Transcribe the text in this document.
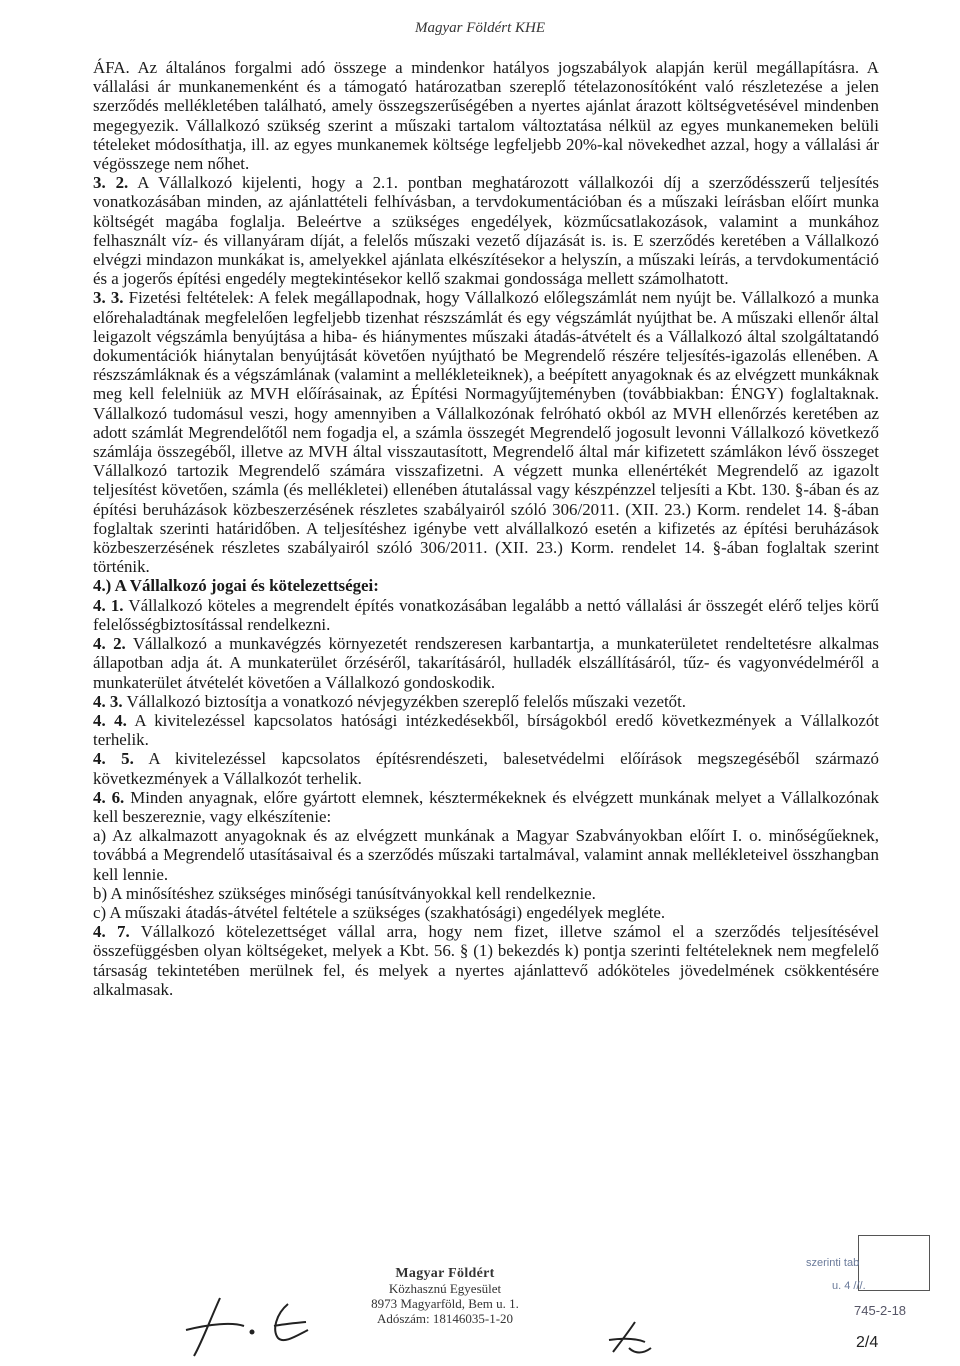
Magyar Földért KHE

ÁFA. Az általános forgalmi adó összege a mindenkor hatályos jogszabályok alapján kerül megállapításra. A vállalási ár munkanemenként és a támogató határozatban szereplő tételazonosítóként való részletezése a jelen szerződés mellékletében található, amely összegszerűségében a nyertes ajánlat árazott költségvetésével mindenben megegyezik. Vállalkozó szükség szerint a műszaki tartalom változtatása nélkül az egyes munkanemeken belüli tételeket módosíthatja, ill. az egyes munkanemek költsége legfeljebb 20%-kal növekedhet azzal, hogy a vállalási ár végösszege nem nőhet.

3. 2. A Vállalkozó kijelenti, hogy a 2.1. pontban meghatározott vállalkozói díj a szerződésszerű teljesítés vonatkozásában minden, az ajánlattételi felhívásban, a tervdokumentációban és a műszaki leírásban előírt munka költségét magába foglalja. Beleértve a szükséges engedélyek, közműcsatlakozások, valamint a munkához felhasznált víz- és villanyáram díját, a felelős műszaki vezető díjazását is. is. E szerződés keretében a Vállalkozó elvégzi mindazon munkákat is, amelyekkel ajánlata elkészítésekor a helyszín, a műszaki leírás, a tervdokumentáció és a jogerős építési engedély megtekintésekor kellő szakmai gondossága mellett számolhatott.

3. 3. Fizetési feltételek: A felek megállapodnak, hogy Vállalkozó előlegszámlát nem nyújt be. Vállalkozó a munka előrehaladtának megfelelően legfeljebb tizenhat részszámlát és egy végszámlát nyújthat be. A műszaki ellenőr által leigazolt végszámla benyújtása a hiba- és hiánymentes műszaki átadás-átvételt és a Vállalkozó által szolgáltatandó dokumentációk hiánytalan benyújtását követően nyújtható be Megrendelő részére teljesítés-igazolás ellenében. A részszámláknak és a végszámlának (valamint a mellékleteiknek), a beépített anyagoknak és az elvégzett munkáknak meg kell felelniük az MVH előírásainak, az Építési Normagyűjteményben (továbbiakban: ÉNGY) foglaltaknak. Vállalkozó tudomásul veszi, hogy amennyiben a Vállalkozónak felróható okból az MVH ellenőrzés keretében az adott számlát Megrendelőtől nem fogadja el, a számla összegét Megrendelő jogosult levonni Vállalkozó következő számlája összegéből, illetve az MVH által visszautasított, Megrendelő által már kifizetett számlákon lévő összeget Vállalkozó tartozik Megrendelő számára visszafizetni. A végzett munka ellenértékét Megrendelő az igazolt teljesítést követően, számla (és mellékletei) ellenében átutalással vagy készpénzzel teljesíti a Kbt. 130. §-ában és az építési beruházások közbeszerzésének részletes szabályairól szóló 306/2011. (XII. 23.) Korm. rendelet 14. §-ában foglaltak szerinti határidőben. A teljesítéshez igénybe vett alvállalkozó esetén a kifizetés az építési beruházások közbeszerzésének részletes szabályairól szóló 306/2011. (XII. 23.) Korm. rendelet 14. §-ában foglaltak szerint történik.

4.) A Vállalkozó jogai és kötelezettségei:

4. 1. Vállalkozó köteles a megrendelt építés vonatkozásában legalább a nettó vállalási ár összegét elérő teljes körű felelősségbiztosítással rendelkezni.

4. 2. Vállalkozó a munkavégzés környezetét rendszeresen karbantartja, a munkaterületet rendeltetésre alkalmas állapotban adja át. A munkaterület őrzéséről, takarításáról, hulladék elszállításáról, tűz- és vagyonvédelméről a munkaterület átvételét követően a Vállalkozó gondoskodik.

4. 3. Vállalkozó biztosítja a vonatkozó névjegyzékben szereplő felelős műszaki vezetőt.

4. 4. A kivitelezéssel kapcsolatos hatósági intézkedésekből, bírságokból eredő következmények a Vállalkozót terhelik.

4. 5. A kivitelezéssel kapcsolatos építésrendészeti, balesetvédelmi előírások megszegéséből származó következmények a Vállalkozót terhelik.

4. 6. Minden anyagnak, előre gyártott elemnek, késztermékeknek és elvégzett munkának melyet a Vállalkozónak kell beszereznie, vagy elkészítenie:

a) Az alkalmazott anyagoknak és az elvégzett munkának a Magyar Szabványokban előírt I. o. minőségűeknek, továbbá a Megrendelő utasításaival és a szerződés műszaki tartalmával, valamint annak mellékleteivel összhangban kell lennie.

b) A minősítéshez szükséges minőségi tanúsítványokkal kell rendelkeznie.

c) A műszaki átadás-átvétel feltétele a szükséges (szakhatósági) engedélyek megléte.

4. 7. Vállalkozó kötelezettséget vállal arra, hogy nem fizet, illetve számol el a szerződés teljesítésével összefüggésben olyan költségeket, melyek a Kbt. 56. § (1) bekezdés k) pontja szerinti feltételeknek nem megfelelő társaság tekintetében merülnek fel, és melyek a nyertes ajánlattevő adóköteles jövedelmének csökkentésére alkalmasak.

Magyar Földért
Közhasznú Egyesület
8973 Magyarföld, Bem u. 1.
Adószám: 18146035-1-20
szerinti tab
u. 4 ///.
745-2-18
2/4
